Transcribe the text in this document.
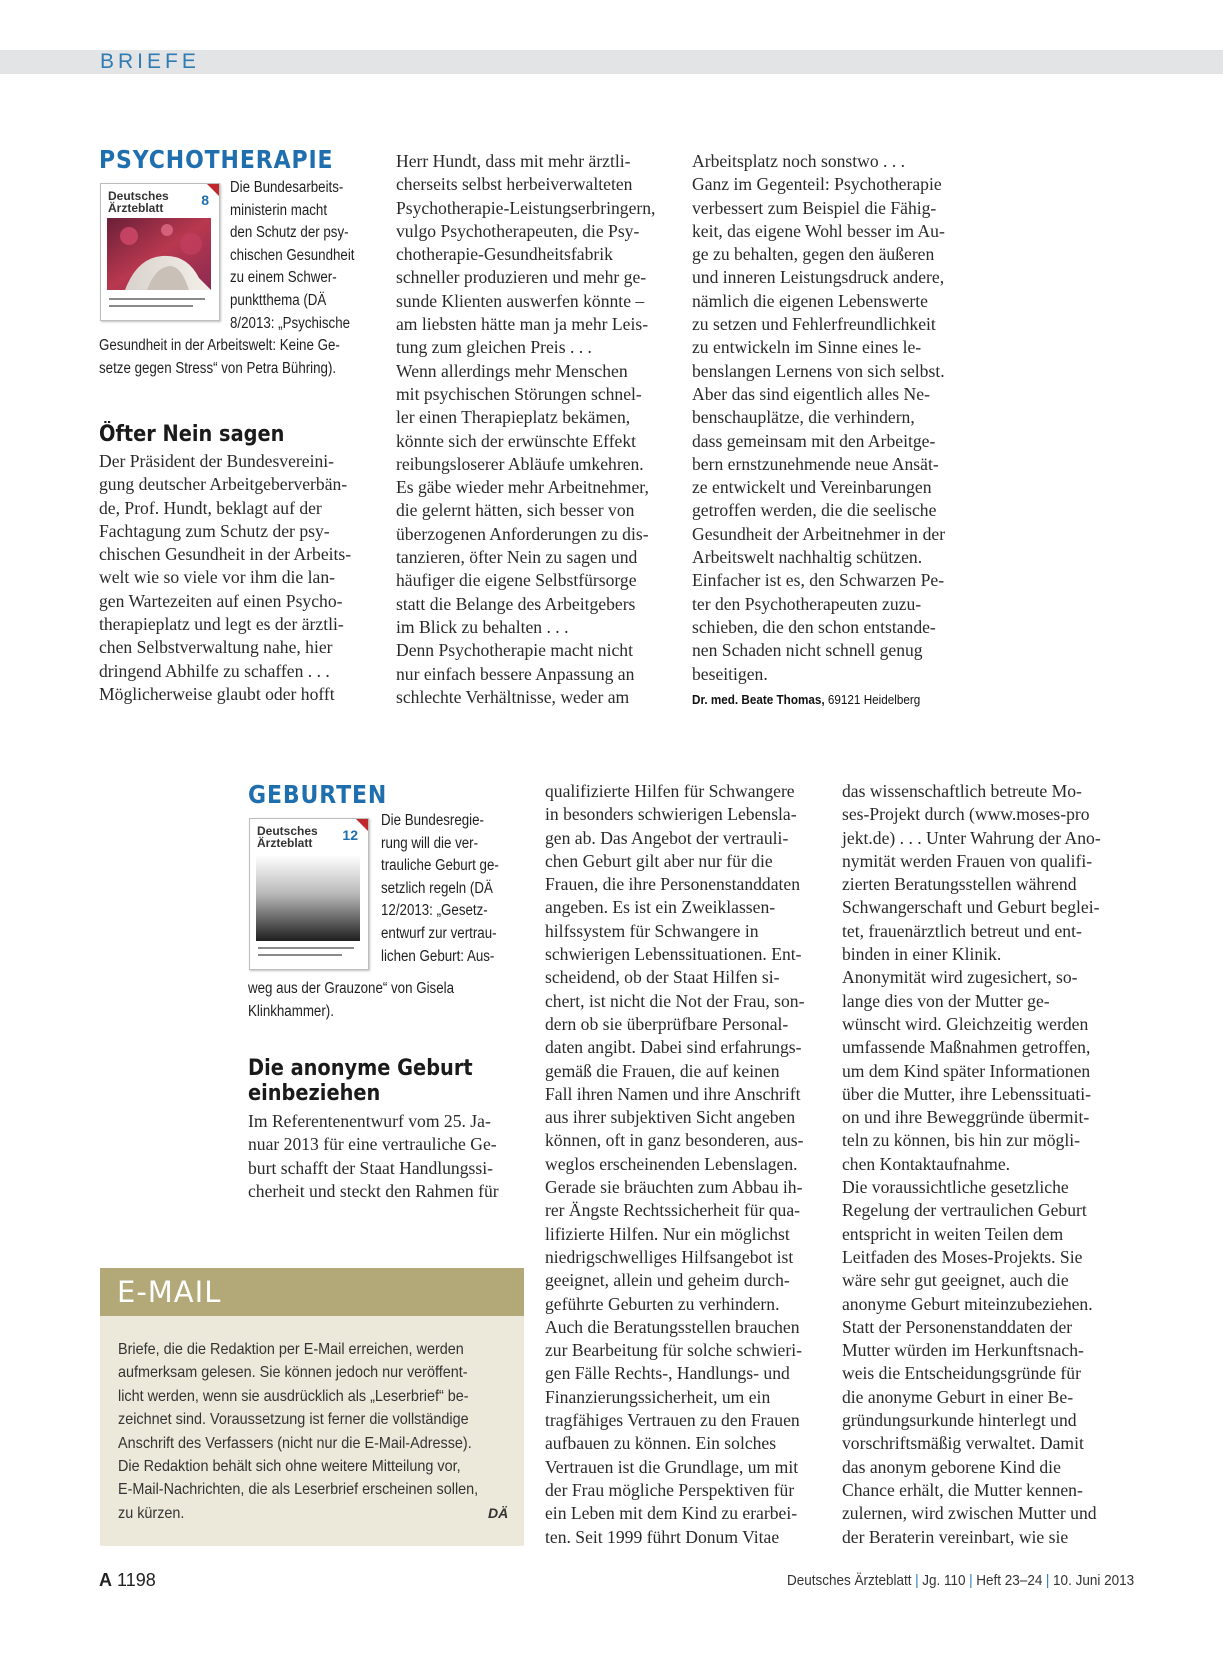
BRIEFE
PSYCHOTHERAPIE
Deutsches
Ärzteblatt	8
Die Bundesarbeits-
ministerin macht
den Schutz der psy-
chischen Gesundheit
zu einem Schwer-
punktthema (DÄ
8/2013: „Psychische
Gesundheit in der Arbeitswelt: Keine Ge-
setze gegen Stress“ von Petra Bühring).
Öfter Nein sagen
Der Präsident der Bundesvereini-
gung deutscher Arbeitgeberverbän-
de, Prof. Hundt, beklagt auf der
Fachtagung zum Schutz der psy-
chischen Gesundheit in der Arbeits-
welt wie so viele vor ihm die lan-
gen Wartezeiten auf einen Psycho-
therapieplatz und legt es der ärztli-
chen Selbstverwaltung nahe, hier
dringend Abhilfe zu schaffen . . .
Möglicherweise glaubt oder hofft
Herr Hundt, dass mit mehr ärztli-
cherseits selbst herbeiverwalteten
Psychotherapie-Leistungserbringern,
vulgo Psychotherapeuten, die Psy-
chotherapie-Gesundheitsfabrik
schneller produzieren und mehr ge-
sunde Klienten auswerfen könnte –
am liebsten hätte man ja mehr Leis-
tung zum gleichen Preis . . .
Wenn allerdings mehr Menschen
mit psychischen Störungen schnel-
ler einen Therapieplatz bekämen,
könnte sich der erwünschte Effekt
reibungsloserer Abläufe umkehren.
Es gäbe wieder mehr Arbeitnehmer,
die gelernt hätten, sich besser von
überzogenen Anforderungen zu dis-
tanzieren, öfter Nein zu sagen und
häufiger die eigene Selbstfürsorge
statt die Belange des Arbeitgebers
im Blick zu behalten . . .
Denn Psychotherapie macht nicht
nur einfach bessere Anpassung an
schlechte Verhältnisse, weder am
Arbeitsplatz noch sonstwo . . .
Ganz im Gegenteil: Psychotherapie
verbessert zum Beispiel die Fähig-
keit, das eigene Wohl besser im Au-
ge zu behalten, gegen den äußeren
und inneren Leistungsdruck andere,
nämlich die eigenen Lebenswerte
zu setzen und Fehlerfreundlichkeit
zu entwickeln im Sinne eines le-
benslangen Lernens von sich selbst.
Aber das sind eigentlich alles Ne-
benschauplätze, die verhindern,
dass gemeinsam mit den Arbeitge-
bern ernstzunehmende neue Ansät-
ze entwickelt und Vereinbarungen
getroffen werden, die die seelische
Gesundheit der Arbeitnehmer in der
Arbeitswelt nachhaltig schützen.
Einfacher ist es, den Schwarzen Pe-
ter den Psychotherapeuten zuzu-
schieben, die den schon entstande-
nen Schaden nicht schnell genug
beseitigen.
Dr. med. Beate Thomas, 69121 Heidelberg
GEBURTEN
Deutsches
Ärzteblatt	12
Die Bundesregie-
rung will die ver-
trauliche Geburt ge-
setzlich regeln (DÄ
12/2013: „Gesetz-
entwurf zur vertrau-
lichen Geburt: Aus-
weg aus der Grauzone“ von Gisela
Klinkhammer).
Die anonyme Geburt
einbeziehen
Im Referentenentwurf vom 25. Ja-
nuar 2013 für eine vertrauliche Ge-
burt schafft der Staat Handlungssi-
cherheit und steckt den Rahmen für
qualifizierte Hilfen für Schwangere
in besonders schwierigen Lebensla-
gen ab. Das Angebot der vertrauli-
chen Geburt gilt aber nur für die
Frauen, die ihre Personenstanddaten
angeben. Es ist ein Zweiklassen-
hilfssystem für Schwangere in
schwierigen Lebenssituationen. Ent-
scheidend, ob der Staat Hilfen si-
chert, ist nicht die Not der Frau, son-
dern ob sie überprüfbare Personal-
daten angibt. Dabei sind erfahrungs-
gemäß die Frauen, die auf keinen
Fall ihren Namen und ihre Anschrift
aus ihrer subjektiven Sicht angeben
können, oft in ganz besonderen, aus-
weglos erscheinenden Lebenslagen.
Gerade sie bräuchten zum Abbau ih-
rer Ängste Rechtssicherheit für qua-
lifizierte Hilfen. Nur ein möglichst
niedrigschwelliges Hilfsangebot ist
geeignet, allein und geheim durch-
geführte Geburten zu verhindern.
Auch die Beratungsstellen brauchen
zur Bearbeitung für solche schwieri-
gen Fälle Rechts-, Handlungs- und
Finanzierungssicherheit, um ein
tragfähiges Vertrauen zu den Frauen
aufbauen zu können. Ein solches
Vertrauen ist die Grundlage, um mit
der Frau mögliche Perspektiven für
ein Leben mit dem Kind zu erarbei-
ten. Seit 1999 führt Donum Vitae
das wissenschaftlich betreute Mo-
ses-Projekt durch (www.moses-pro
jekt.de) . . . Unter Wahrung der Ano-
nymität werden Frauen von qualifi-
zierten Beratungsstellen während
Schwangerschaft und Geburt beglei-
tet, frauenärztlich betreut und ent-
binden in einer Klinik.
Anonymität wird zugesichert, so-
lange dies von der Mutter ge-
wünscht wird. Gleichzeitig werden
umfassende Maßnahmen getroffen,
um dem Kind später Informationen
über die Mutter, ihre Lebenssituati-
on und ihre Beweggründe übermit-
teln zu können, bis hin zur mögli-
chen Kontaktaufnahme.
Die voraussichtliche gesetzliche
Regelung der vertraulichen Geburt
entspricht in weiten Teilen dem
Leitfaden des Moses-Projekts. Sie
wäre sehr gut geeignet, auch die
anonyme Geburt miteinzubeziehen.
Statt der Personenstanddaten der
Mutter würden im Herkunftsnach-
weis die Entscheidungsgründe für
die anonyme Geburt in einer Be-
gründungsurkunde hinterlegt und
vorschriftsmäßig verwaltet. Damit
das anonym geborene Kind die
Chance erhält, die Mutter kennen-
zulernen, wird zwischen Mutter und
der Beraterin vereinbart, wie sie
E-MAIL
Briefe, die die Redaktion per E-Mail erreichen, werden
aufmerksam gelesen. Sie können jedoch nur veröffent-
licht werden, wenn sie ausdrücklich als „Leserbrief“ be-
zeichnet sind. Voraussetzung ist ferner die vollständige
Anschrift des Verfassers (nicht nur die E-Mail-Adresse).
Die Redaktion behält sich ohne weitere Mitteilung vor,
E-Mail-Nachrichten, die als Leserbrief erscheinen sollen,
zu kürzen.	DÄ
A 1198	Deutsches Ärzteblatt | Jg. 110 | Heft 23–24 | 10. Juni 2013
